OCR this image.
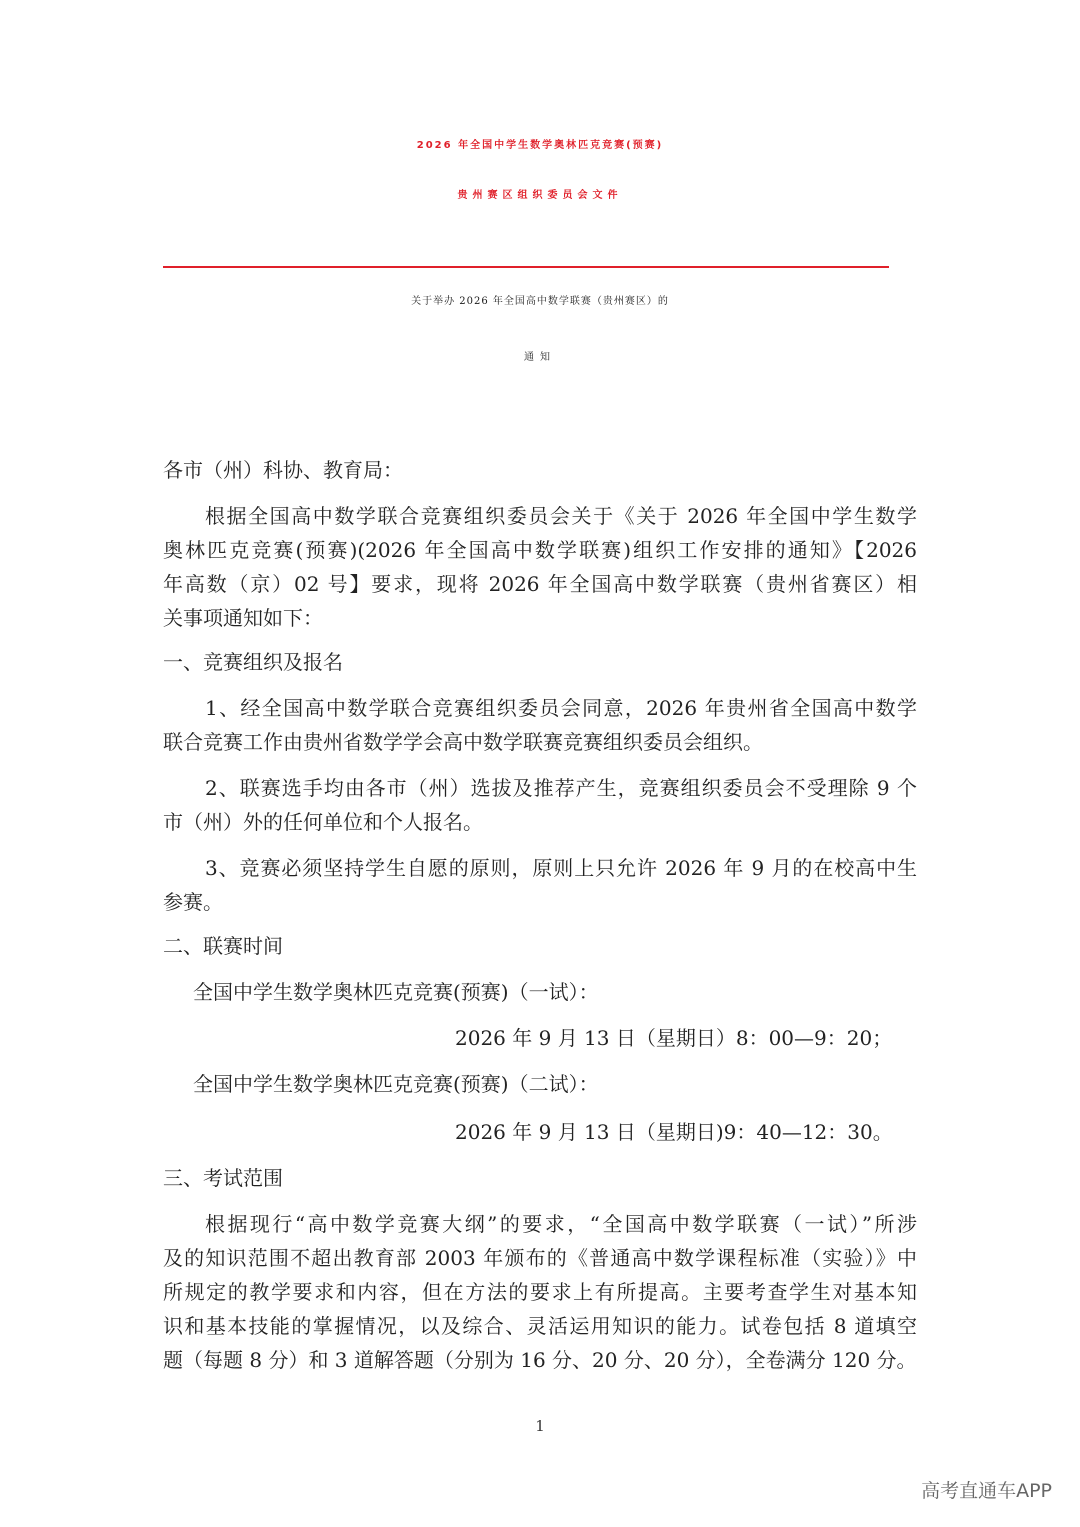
2026 年全国中学生数学奥林匹克竞赛(预赛)
贵州赛区组织委员会文件
关于举办 2026 年全国高中数学联赛（贵州赛区）的
通知
各市（州）科协、教育局：
根据全国高中数学联合竞赛组织委员会关于《关于 2026 年全国中学生数学
奥林匹克竞赛(预赛)(2026 年全国高中数学联赛)组织工作安排的通知》【2026
年高数（京）02 号】要求，现将 2026 年全国高中数学联赛（贵州省赛区）相
关事项通知如下：
一、竞赛组织及报名
1、经全国高中数学联合竞赛组织委员会同意，2026 年贵州省全国高中数学
联合竞赛工作由贵州省数学学会高中数学联赛竞赛组织委员会组织。
2、联赛选手均由各市（州）选拔及推荐产生，竞赛组织委员会不受理除 9 个
市（州）外的任何单位和个人报名。
3、竞赛必须坚持学生自愿的原则，原则上只允许 2026 年 9 月的在校高中生
参赛。
二、联赛时间
全国中学生数学奥林匹克竞赛(预赛)（一试）：
2026 年 9 月 13 日（星期日）8：00—9：20；
全国中学生数学奥林匹克竞赛(预赛)（二试）：
2026 年 9 月 13 日（星期日)9：40—12：30。
三、考试范围
根据现行“高中数学竞赛大纲”的要求，“全国高中数学联赛（一试）”所涉
及的知识范围不超出教育部 2003 年颁布的《普通高中数学课程标准（实验）》中
所规定的教学要求和内容，但在方法的要求上有所提高。主要考查学生对基本知
识和基本技能的掌握情况，以及综合、灵活运用知识的能力。试卷包括 8 道填空
题（每题 8 分）和 3 道解答题（分别为 16 分、20 分、20 分），全卷满分 120 分。
1
高考直通车APP
